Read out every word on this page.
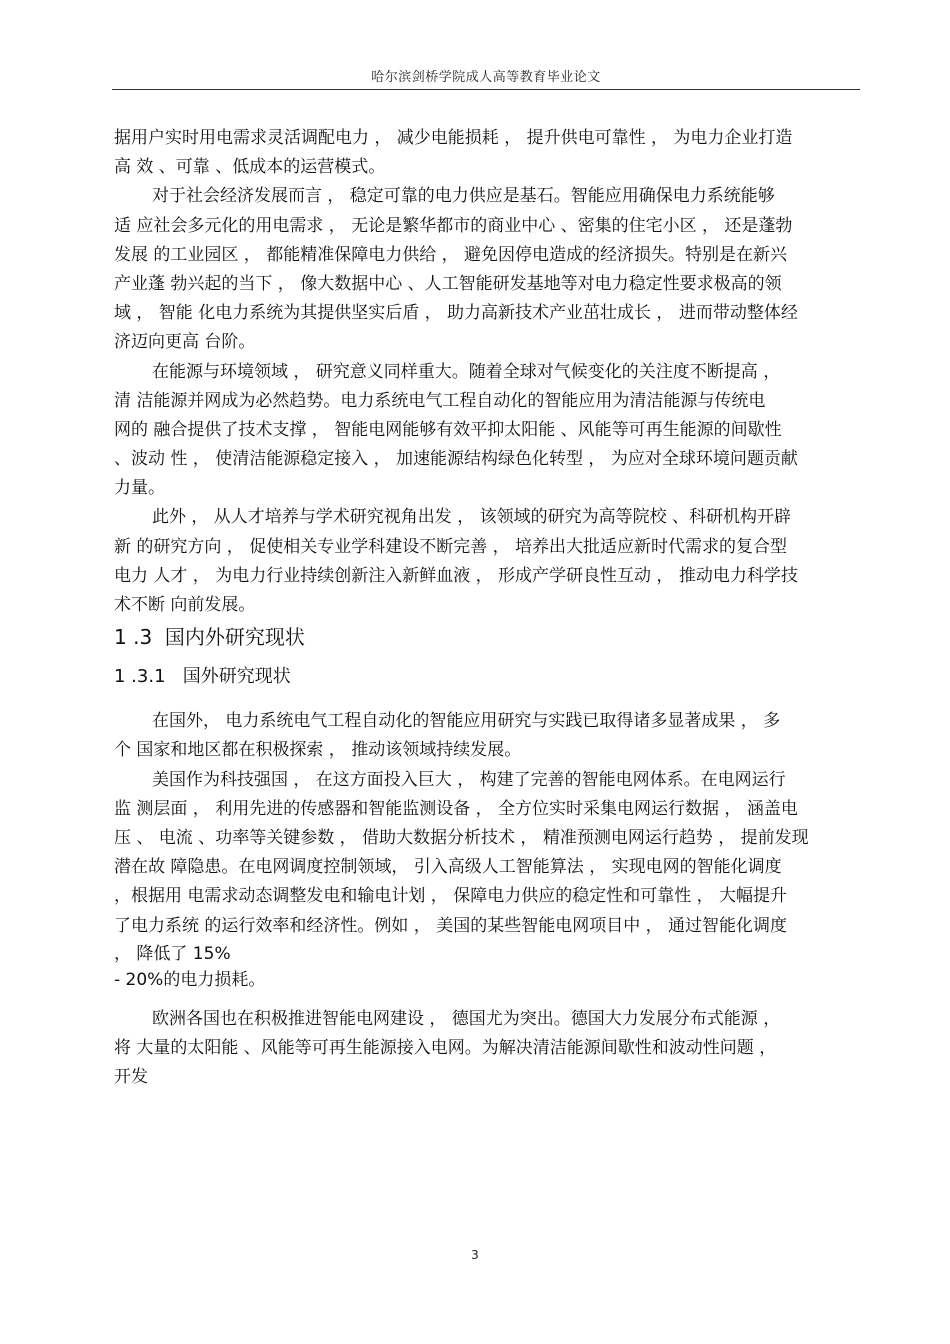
哈尔滨剑桥学院成人高等教育毕业论文
据用户实时用电需求灵活调配电力 ， 减少电能损耗 ， 提升供电可靠性 ， 为电力企业打造
高 效 、可靠 、低成本的运营模式。
对于社会经济发展而言 ， 稳定可靠的电力供应是基石。智能应用确保电力系统能够
适 应社会多元化的用电需求 ， 无论是繁华都市的商业中心 、密集的住宅小区 ， 还是蓬勃
发展 的工业园区 ， 都能精准保障电力供给 ， 避免因停电造成的经济损失。特别是在新兴
产业蓬 勃兴起的当下 ， 像大数据中心 、人工智能研发基地等对电力稳定性要求极高的领
域 ， 智能 化电力系统为其提供坚实后盾 ， 助力高新技术产业茁壮成长 ， 进而带动整体经
济迈向更高 台阶。
在能源与环境领域 ， 研究意义同样重大。随着全球对气候变化的关注度不断提高 ，
清 洁能源并网成为必然趋势。电力系统电气工程自动化的智能应用为清洁能源与传统电
网的 融合提供了技术支撑 ， 智能电网能够有效平抑太阳能 、风能等可再生能源的间歇性
、波动 性 ， 使清洁能源稳定接入 ， 加速能源结构绿色化转型 ， 为应对全球环境问题贡献
力量。
此外 ， 从人才培养与学术研究视角出发 ， 该领域的研究为高等院校 、科研机构开辟
新 的研究方向 ， 促使相关专业学科建设不断完善 ， 培养出大批适应新时代需求的复合型
电力 人才 ， 为电力行业持续创新注入新鲜血液 ， 形成产学研良性互动 ， 推动电力科学技
术不断 向前发展。
1 .3 国内外研究现状
1 .3.1 国外研究现状
在国外， 电力系统电气工程自动化的智能应用研究与实践已取得诸多显著成果 ， 多
个 国家和地区都在积极探索 ， 推动该领域持续发展。
美国作为科技强国 ， 在这方面投入巨大 ， 构建了完善的智能电网体系。在电网运行
监 测层面 ， 利用先进的传感器和智能监测设备 ， 全方位实时采集电网运行数据 ， 涵盖电
压 、 电流 、功率等关键参数 ， 借助大数据分析技术 ， 精准预测电网运行趋势 ， 提前发现
潜在故 障隐患。在电网调度控制领域， 引入高级人工智能算法 ， 实现电网的智能化调度
，根据用 电需求动态调整发电和输电计划 ， 保障电力供应的稳定性和可靠性 ， 大幅提升
了电力系统 的运行效率和经济性。例如 ， 美国的某些智能电网项目中 ， 通过智能化调度
， 降低了 15%
- 20%的电力损耗。
欧洲各国也在积极推进智能电网建设 ， 德国尤为突出。德国大力发展分布式能源 ，
将 大量的太阳能 、风能等可再生能源接入电网。为解决清洁能源间歇性和波动性问题 ，
开发
3
